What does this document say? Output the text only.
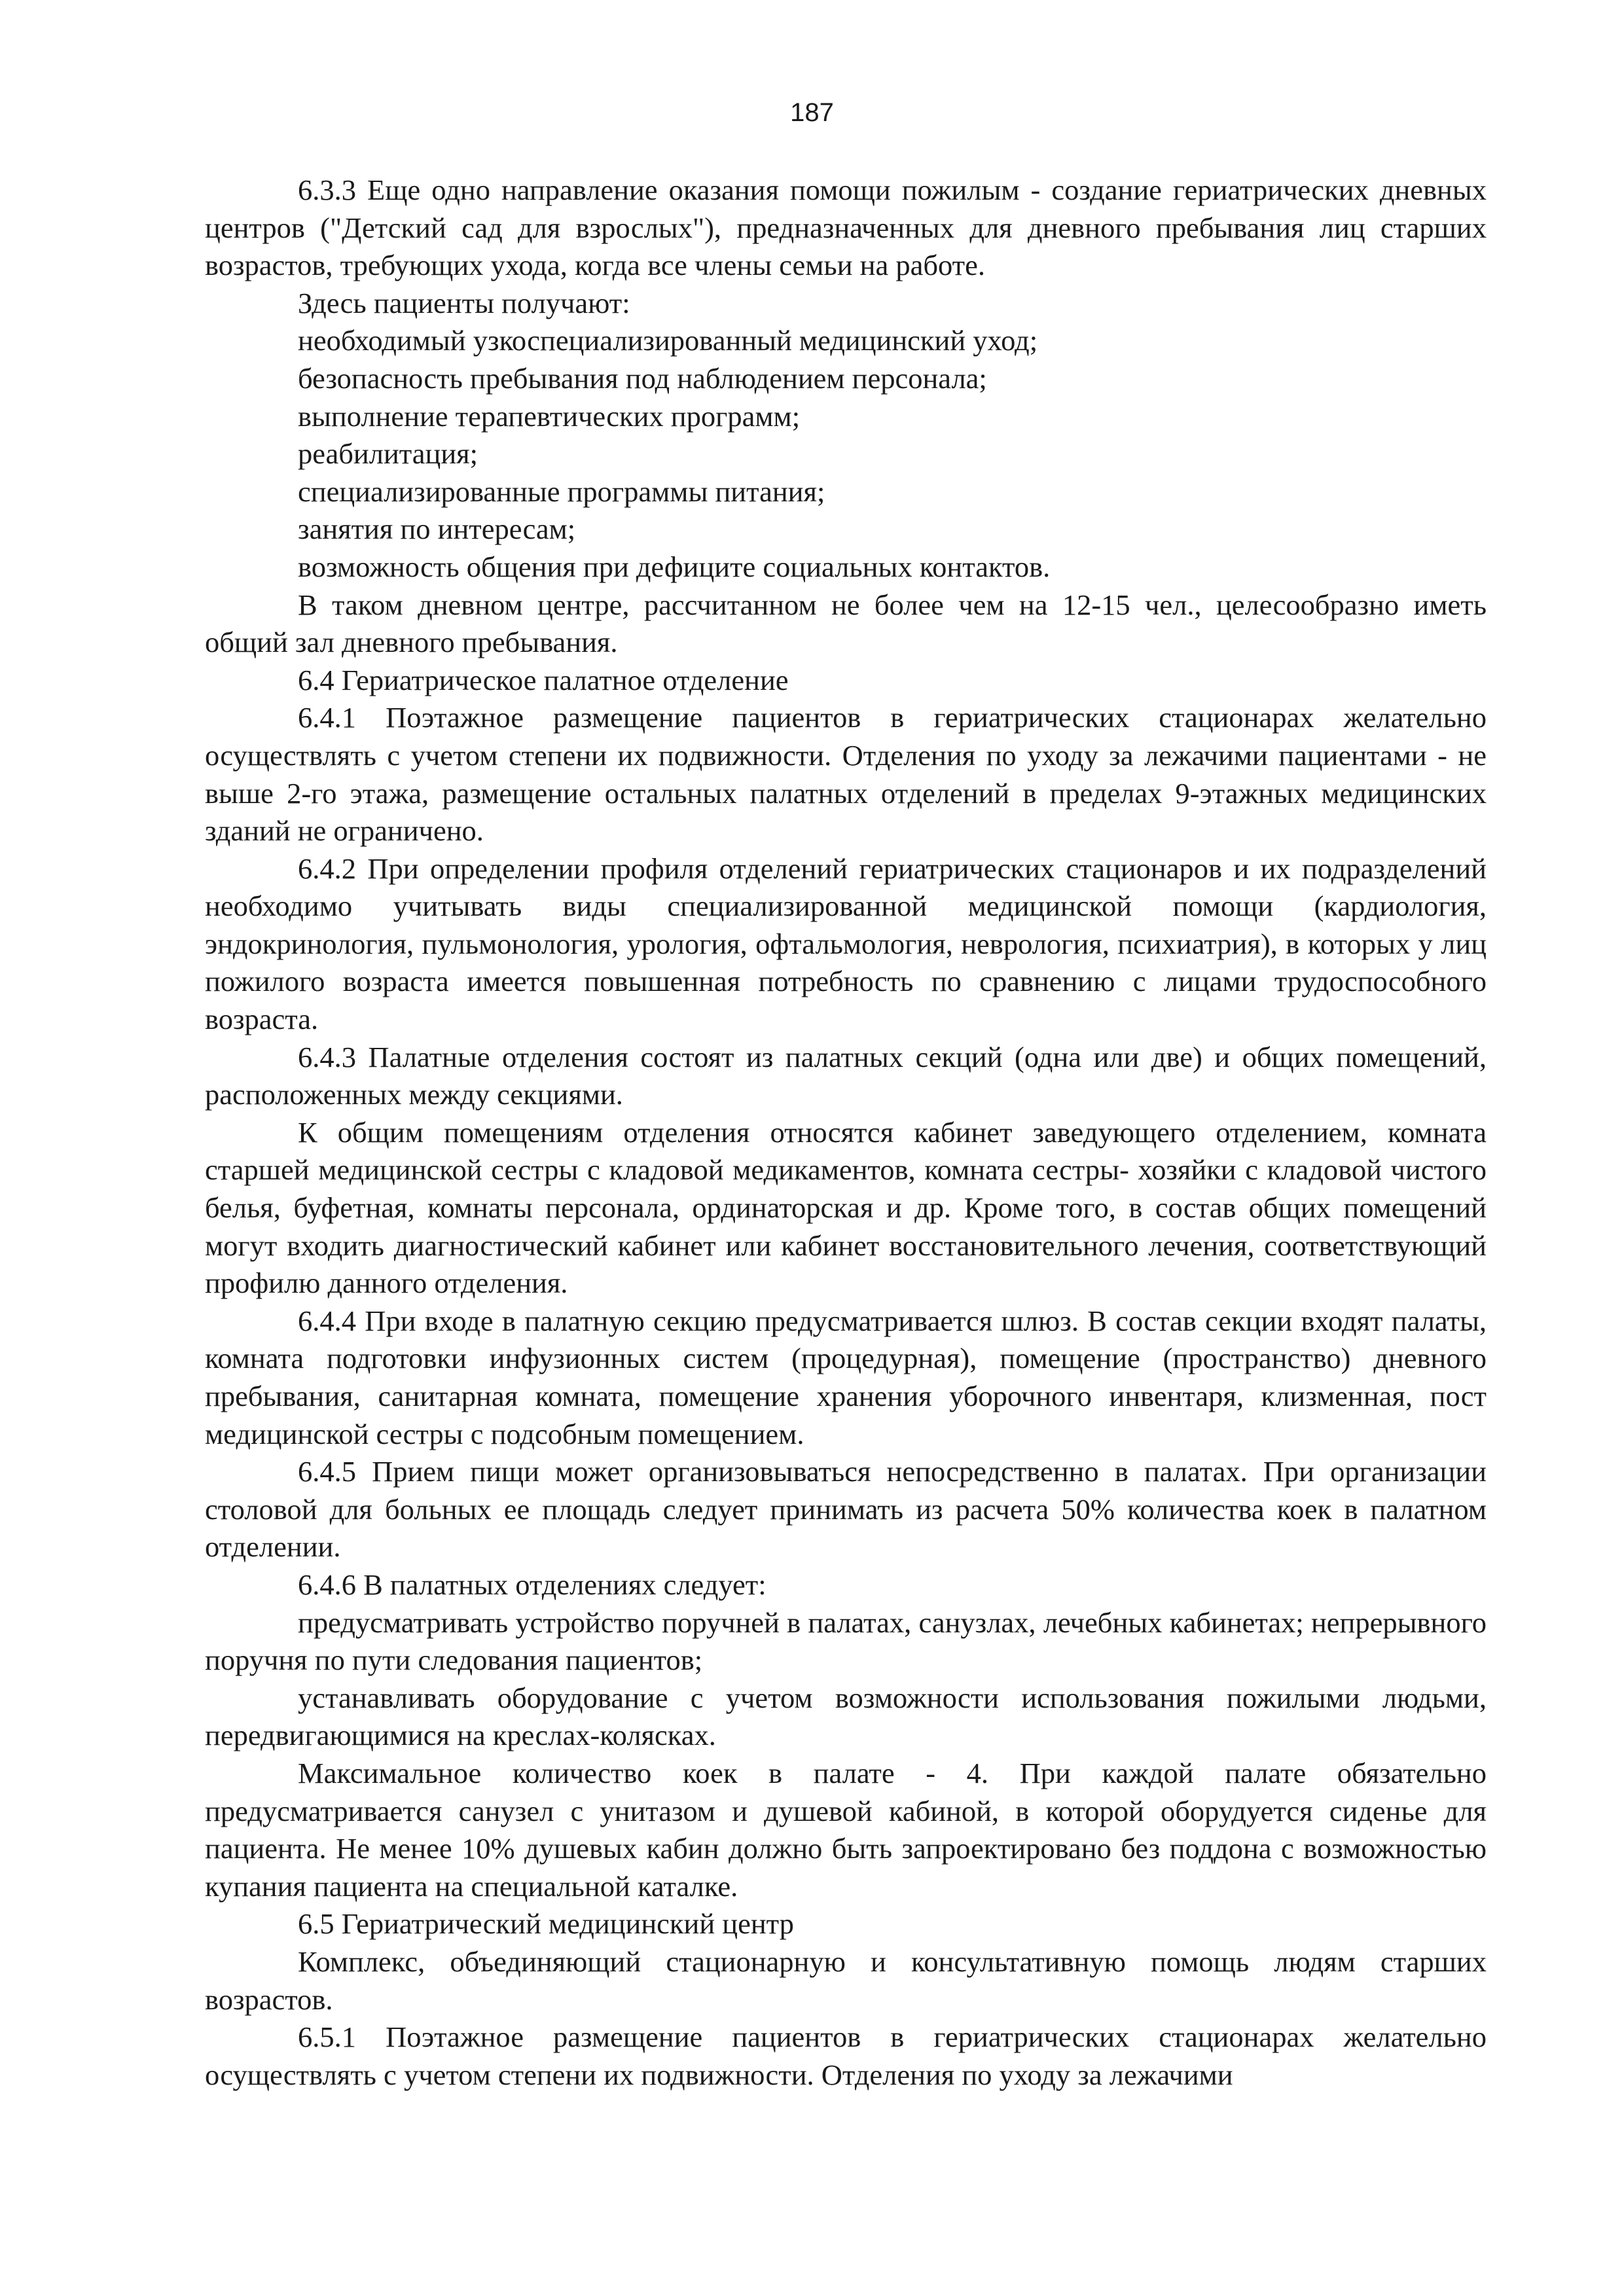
187

6.3.3 Еще одно направление оказания помощи пожилым - создание гериатрических дневных центров ("Детский сад для взрослых"), предназначенных для дневного пребывания лиц старших возрастов, требующих ухода, когда все члены семьи на работе.

Здесь пациенты получают:

необходимый узкоспециализированный медицинский уход;

безопасность пребывания под наблюдением персонала;

выполнение терапевтических программ;

реабилитация;

специализированные программы питания;

занятия по интересам;

возможность общения при дефиците социальных контактов.

В таком дневном центре, рассчитанном не более чем на 12-15 чел., целесообразно иметь общий зал дневного пребывания.

6.4 Гериатрическое палатное отделение

6.4.1 Поэтажное размещение пациентов в гериатрических стационарах желательно осуществлять с учетом степени их подвижности. Отделения по уходу за лежачими пациентами - не выше 2-го этажа, размещение остальных палатных отделений в пределах 9-этажных медицинских зданий не ограничено.

6.4.2 При определении профиля отделений гериатрических стационаров и их подразделений необходимо учитывать виды специализированной медицинской помощи (кардиология, эндокринология, пульмонология, урология, офтальмология, неврология, психиатрия), в которых у лиц пожилого возраста имеется повышенная потребность по сравнению с лицами трудоспособного возраста.

6.4.3 Палатные отделения состоят из палатных секций (одна или две) и общих помещений, расположенных между секциями.

К общим помещениям отделения относятся кабинет заведующего отделением, комната старшей медицинской сестры с кладовой медикаментов, комната сестры- хозяйки с кладовой чистого белья, буфетная, комнаты персонала, ординаторская и др. Кроме того, в состав общих помещений могут входить диагностический кабинет или кабинет восстановительного лечения, соответствующий профилю данного отделения.

6.4.4 При входе в палатную секцию предусматривается шлюз. В состав секции входят палаты, комната подготовки инфузионных систем (процедурная), помещение (пространство) дневного пребывания, санитарная комната, помещение хранения уборочного инвентаря, клизменная, пост медицинской сестры с подсобным помещением.

6.4.5 Прием пищи может организовываться непосредственно в палатах. При организации столовой для больных ее площадь следует принимать из расчета 50% количества коек в палатном отделении.

6.4.6 В палатных отделениях следует:

предусматривать устройство поручней в палатах, санузлах, лечебных кабинетах; непрерывного поручня по пути следования пациентов;

устанавливать оборудование с учетом возможности использования пожилыми людьми, передвигающимися на креслах-колясках.

Максимальное количество коек в палате - 4. При каждой палате обязательно предусматривается санузел с унитазом и душевой кабиной, в которой оборудуется сиденье для пациента. Не менее 10% душевых кабин должно быть запроектировано без поддона с возможностью купания пациента на специальной каталке.

6.5 Гериатрический медицинский центр

Комплекс, объединяющий стационарную и консультативную помощь людям старших возрастов.

6.5.1 Поэтажное размещение пациентов в гериатрических стационарах желательно осуществлять с учетом степени их подвижности. Отделения по уходу за лежачими
